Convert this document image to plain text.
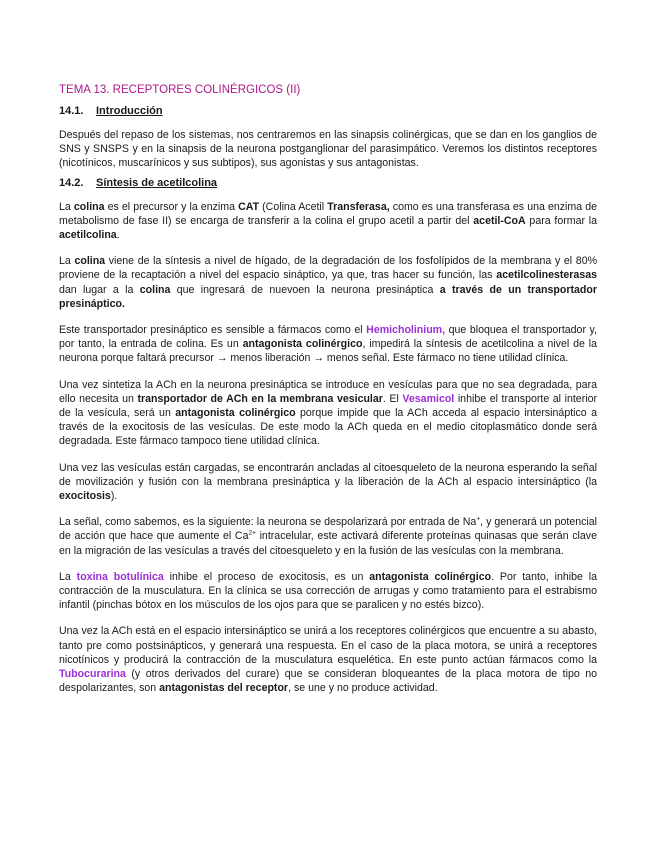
TEMA 13. RECEPTORES COLINÉRGICOS (II)
14.1.	Introducción
Después del repaso de los sistemas, nos centraremos en las sinapsis colinérgicas, que se dan en los ganglios de SNS y SNSPS y en la sinapsis de la neurona postganglionar del parasimpático. Veremos los distintos receptores (nicotínicos, muscarínicos y sus subtipos), sus agonistas y sus antagonistas.
14.2.	Síntesis de acetilcolina
La colina es el precursor y la enzima CAT (Colina Acetil Transferasa, como es una transferasa es una enzima de metabolismo de fase II) se encarga de transferir a la colina el grupo acetil a partir del acetil-CoA para formar la acetilcolina.
La colina viene de la síntesis a nivel de hígado, de la degradación de los fosfolípidos de la membrana y el 80% proviene de la recaptación a nivel del espacio sináptico, ya que, tras hacer su función, las acetilcolinesterasas dan lugar a la colina que ingresará de nuevoen la neurona presináptica a través de un transportador presináptico.
Este transportador presináptico es sensible a fármacos como el Hemicholinium, que bloquea el transportador y, por tanto, la entrada de colina. Es un antagonista colinérgico, impedirá la síntesis de acetilcolina a nivel de la neurona porque faltará precursor → menos liberación → menos señal. Este fármaco no tiene utilidad clínica.
Una vez sintetiza la ACh en la neurona presináptica se introduce en vesículas para que no sea degradada, para ello necesita un transportador de ACh en la membrana vesicular. El Vesamicol inhibe el transporte al interior de la vesícula, será un antagonista colinérgico porque impide que la ACh acceda al espacio intersináptico a través de la exocitosis de las vesículas. De este modo la ACh queda en el medio citoplasmático donde será degradada. Este fármaco tampoco tiene utilidad clínica.
Una vez las vesículas están cargadas, se encontrarán ancladas al citoesqueleto de la neurona esperando la señal de movilización y fusión con la membrana presináptica y la liberación de la ACh al espacio intersináptico (la exocitosis).
La señal, como sabemos, es la siguiente: la neurona se despolarizará por entrada de Na+, y generará un potencial de acción que hace que aumente el $Ca^{2+}$ intracelular, este activará diferente proteínas quinasas que serán clave en la migración de las vesículas a través del citoesqueleto y en la fusión de las vesículas con la membrana.
La toxina botulínica inhibe el proceso de exocitosis, es un antagonista colinérgico. Por tanto, inhibe la contracción de la musculatura. En la clínica se usa corrección de arrugas y como tratamiento para el estrabismo infantil (pinchas bótox en los músculos de los ojos para que se paralicen y no estés bizco).
Una vez la ACh está en el espacio intersináptico se unirá a los receptores colinérgicos que encuentre a su abasto, tanto pre como postsinápticos, y generará una respuesta. En el caso de la placa motora, se unirá a receptores nicotínicos y producirá la contracción de la musculatura esquelética. En este punto actúan fármacos como la Tubocurarina (y otros derivados del curare) que se consideran bloqueantes de la placa motora de tipo no despolarizantes, son antagonistas del receptor, se une y no produce actividad.
